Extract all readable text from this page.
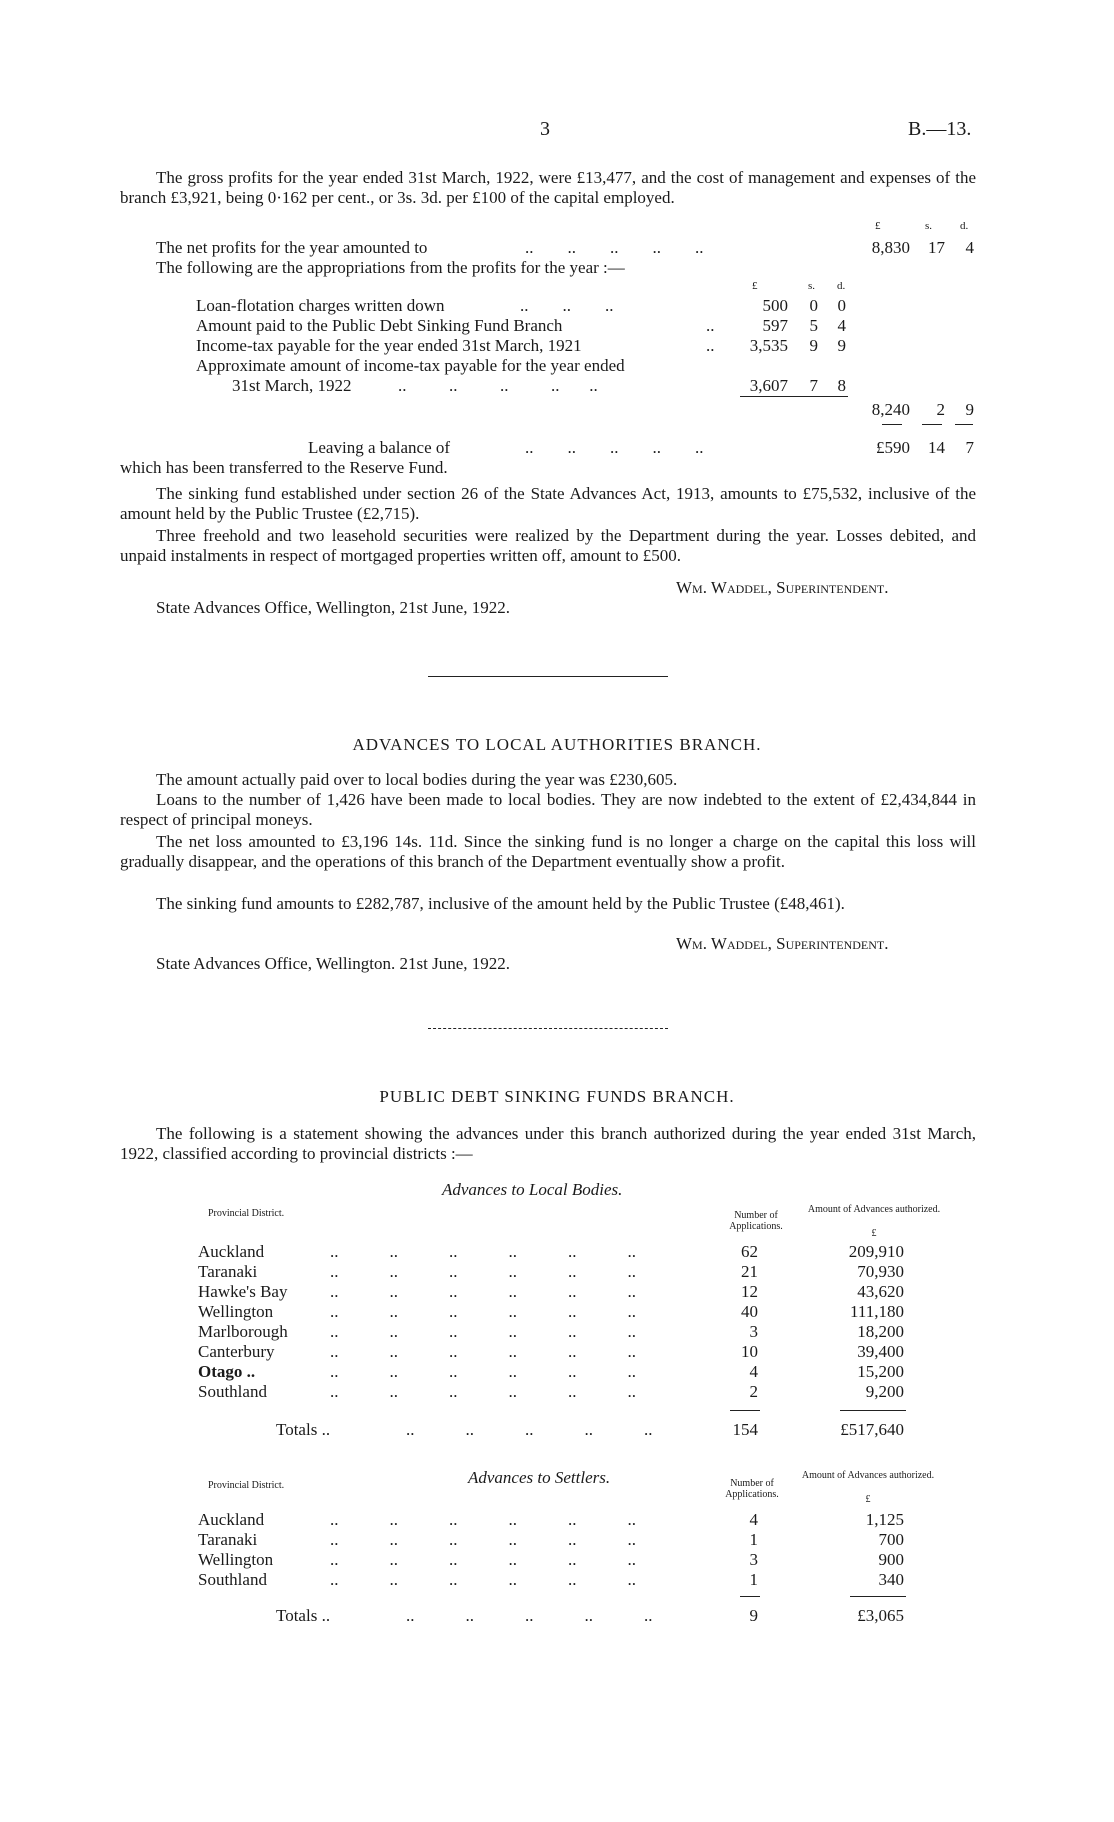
3	B.—13.
The gross profits for the year ended 31st March, 1922, were £13,477, and the cost of management and expenses of the branch £3,921, being 0·162 per cent., or 3s. 3d. per £100 of the capital employed.
£	s.	d.
The net profits for the year amounted to	..        ..        ..        ..        ..	8,830	17	4
The following are the appropriations from the profits for the year :—
£	s. d.
Loan-flotation charges written down	..        ..        ..	500	0	0
Amount paid to the Public Debt Sinking Fund Branch	..	597	5	4
Income-tax payable for the year ended 31st March, 1921	..	3,535	9	9
Approximate amount of income-tax payable for the year ended
31st March, 1922	..          ..          ..          ..       ..	3,607	7	8
8,240	2	9
Leaving a balance of	..        ..        ..        ..        ..	£590	14	7
which has been transferred to the Reserve Fund.
The sinking fund established under section 26 of the State Advances Act, 1913, amounts to £75,532, inclusive of the amount held by the Public Trustee (£2,715).
Three freehold and two leasehold securities were realized by the Department during the year. Losses debited, and unpaid instalments in respect of mortgaged properties written off, amount to £500.
Wm. Waddel, Superintendent.
State Advances Office, Wellington, 21st June, 1922.
ADVANCES TO LOCAL AUTHORITIES BRANCH.
The amount actually paid over to local bodies during the year was £230,605.
Loans to the number of 1,426 have been made to local bodies. They are now indebted to the extent of £2,434,844 in respect of principal moneys.
The net loss amounted to £3,196 14s. 11d. Since the sinking fund is no longer a charge on the capital this loss will gradually disappear, and the operations of this branch of the Department eventually show a profit.
The sinking fund amounts to £282,787, inclusive of the amount held by the Public Trustee (£48,461).
Wm. Waddel, Superintendent.
State Advances Office, Wellington. 21st June, 1922.
PUBLIC DEBT SINKING FUNDS BRANCH.
The following is a statement showing the advances under this branch authorized during the year ended 31st March, 1922, classified according to provincial districts :—
Advances to Local Bodies.
Provincial District.	Number of Applications.
Amount of Advances authorized.
£
Auckland	..            ..            ..            ..            ..            ..	62	209,910
Taranaki	..            ..            ..            ..            ..            ..	21	70,930
Hawke's Bay	..            ..            ..            ..            ..            ..	12	43,620
Wellington	..            ..            ..            ..            ..            ..	40	111,180
Marlborough ..            ..            ..            ..            ..            ..	3	18,200
Canterbury	..            ..            ..            ..            ..            ..	10	39,400
Otago ..	..            ..            ..            ..            ..            ..	4	15,200
Southland	..            ..            ..            ..            ..            ..	2	9,200
Totals ..	..            ..            ..            ..            ..	154	£517,640
Advances to Settlers.
Provincial District.	Number of Applications.
Amount of Advances authorized.
£
Auckland	..            ..            ..            ..            ..            ..	4	1,125
Taranaki	..            ..            ..            ..            ..            ..	1	700
Wellington	..            ..            ..            ..            ..            ..	3	900
Southland	..            ..            ..            ..            ..            ..	1	340
Totals ..	..            ..            ..            ..            ..	9	£3,065
